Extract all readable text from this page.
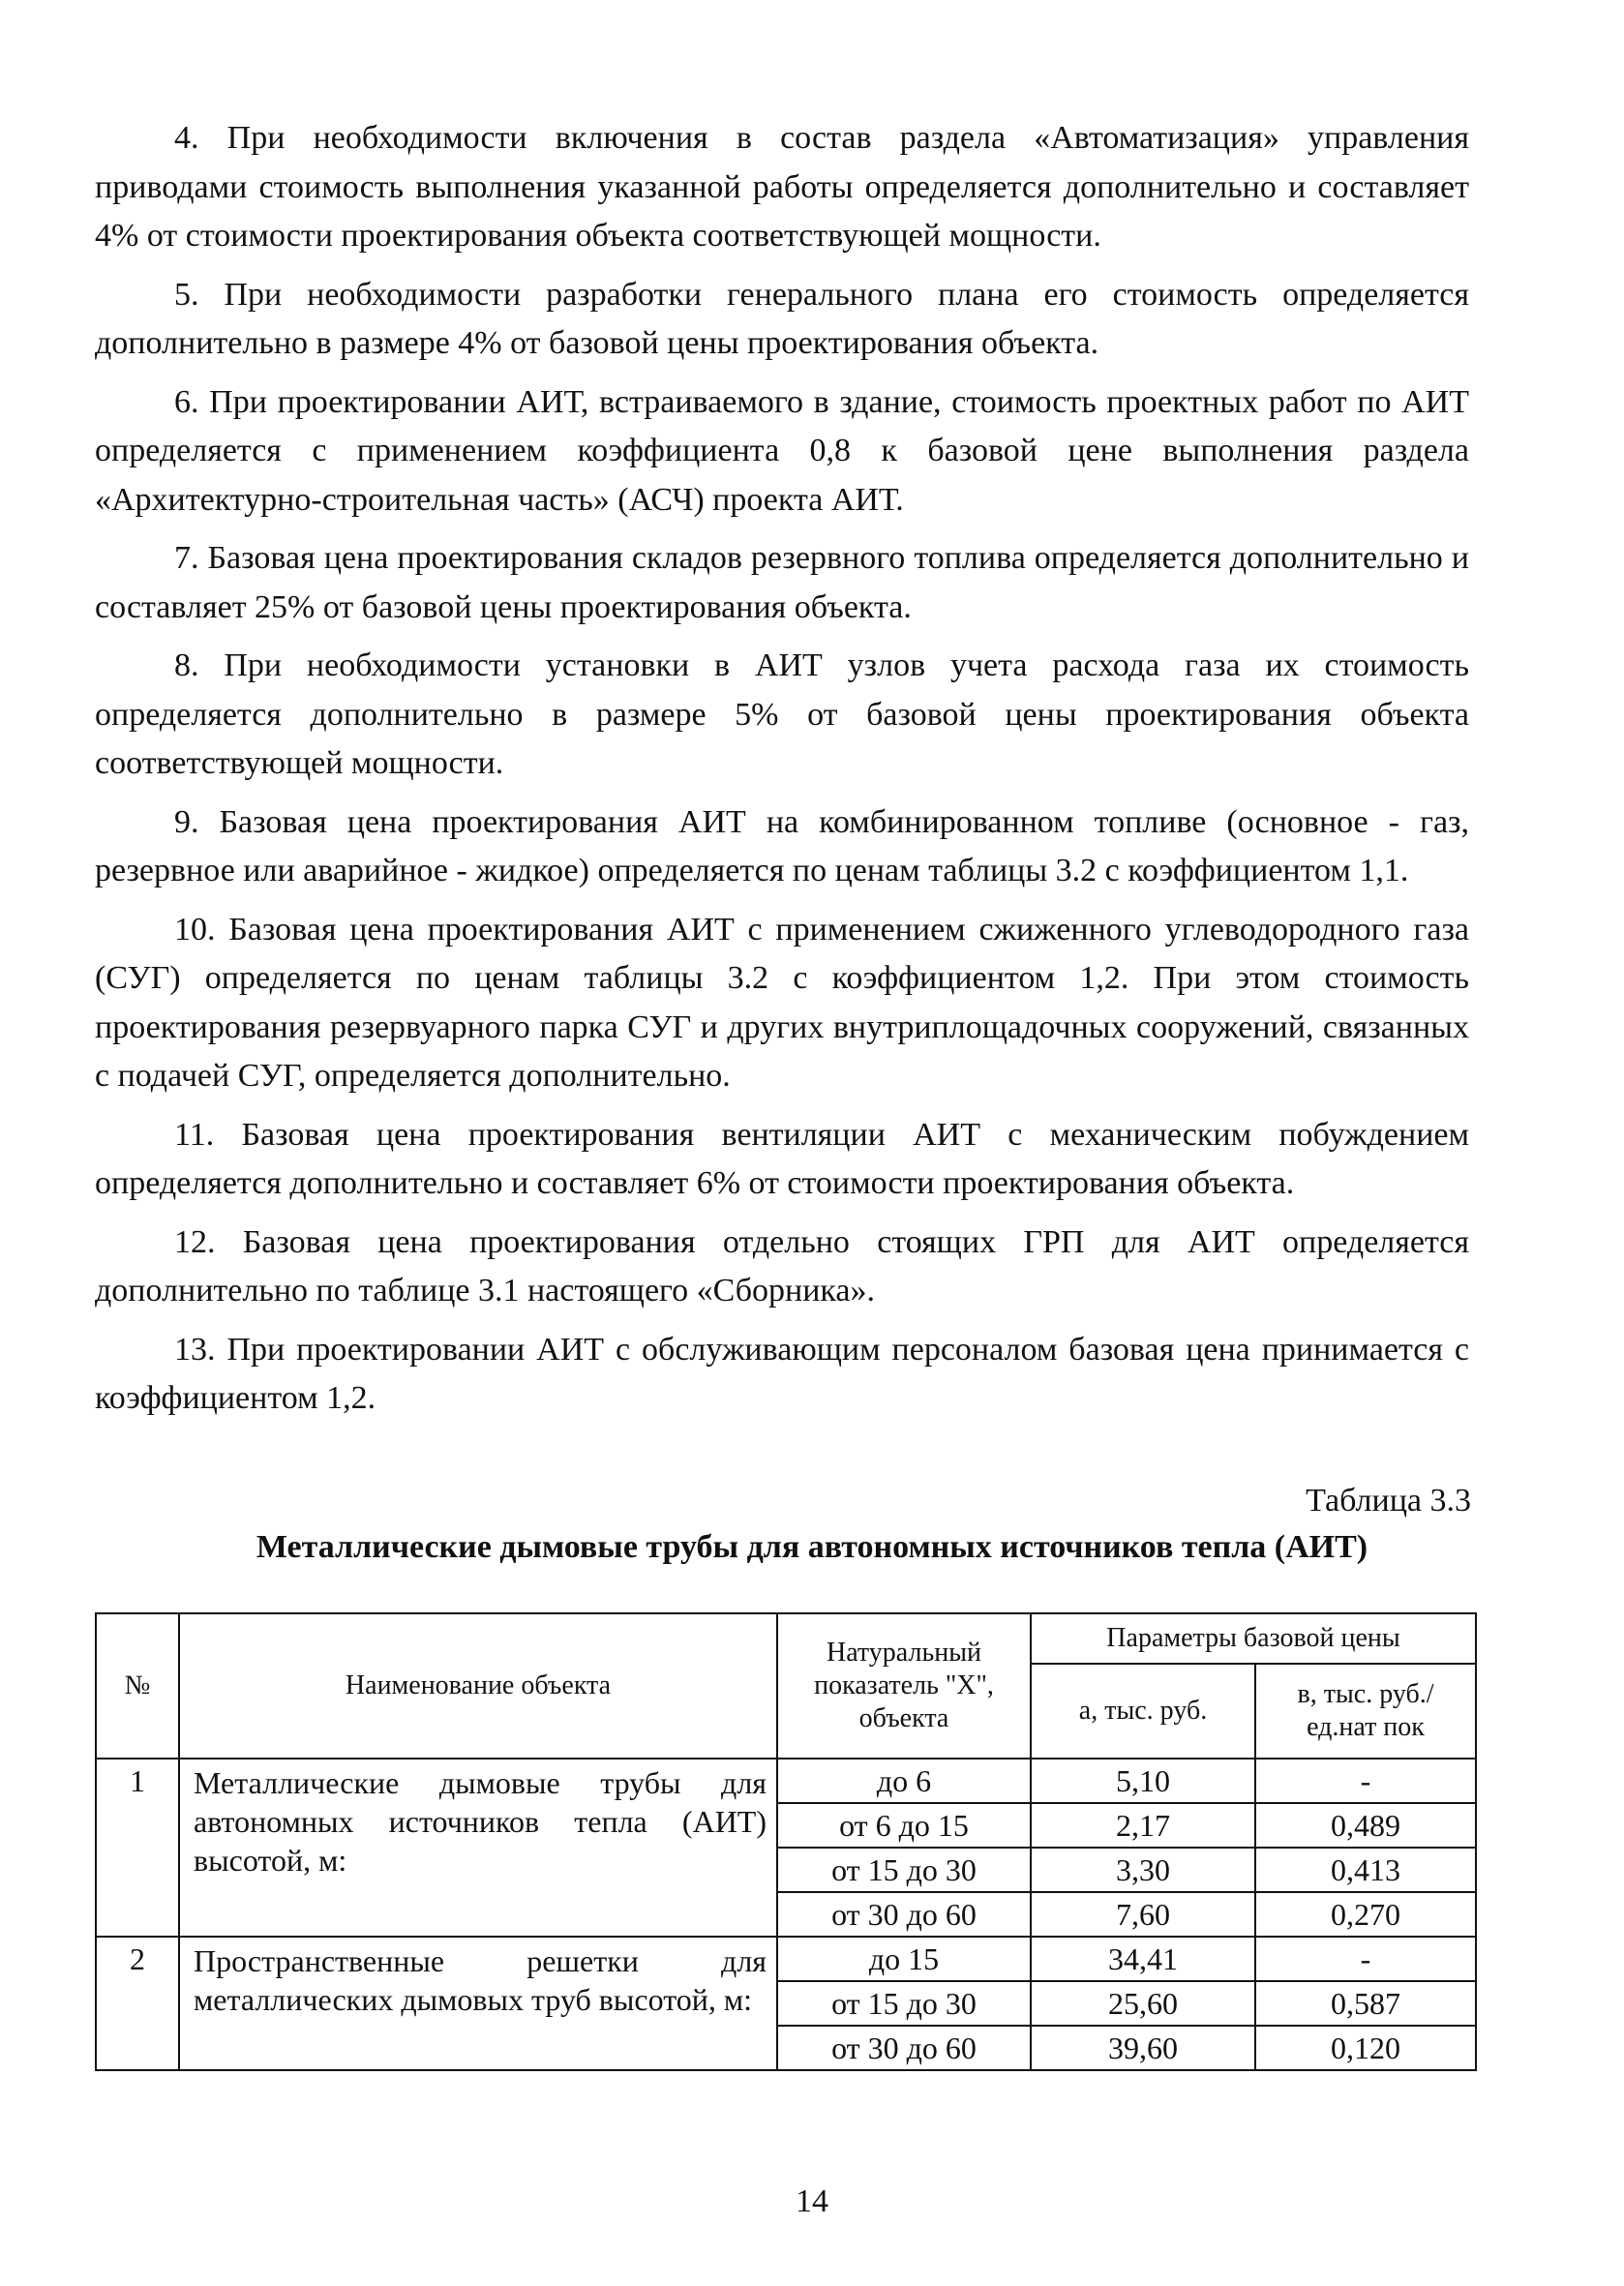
4. При необходимости включения в состав раздела «Автоматизация» управления приводами стоимость выполнения указанной работы определяется дополнительно и составляет 4% от стоимости проектирования объекта соответствующей мощности.

5. При необходимости разработки генерального плана его стоимость определяется дополнительно в размере 4% от базовой цены проектирования объекта.

6. При проектировании АИТ, встраиваемого в здание, стоимость проектных работ по АИТ определяется с применением коэффициента 0,8 к базовой цене выполнения раздела «Архитектурно-строительная часть» (АСЧ) проекта АИТ.

7. Базовая цена проектирования складов резервного топлива определяется дополнительно и составляет 25% от базовой цены проектирования объекта.

8. При необходимости установки в АИТ узлов учета расхода газа их стоимость определяется дополнительно в размере 5% от базовой цены проектирования объекта соответствующей мощности.

9. Базовая цена проектирования АИТ на комбинированном топливе (основное - газ, резервное или аварийное - жидкое) определяется по ценам таблицы 3.2 с коэффициентом 1,1.

10. Базовая цена проектирования АИТ с применением сжиженного углеводородного газа (СУГ) определяется по ценам таблицы 3.2 с коэффициентом 1,2. При этом стоимость проектирования резервуарного парка СУГ и других внутриплощадочных сооружений, связанных с подачей СУГ, определяется дополнительно.

11. Базовая цена проектирования вентиляции АИТ с механическим побуждением определяется дополнительно и составляет 6% от стоимости проектирования объекта.

12. Базовая цена проектирования отдельно стоящих ГРП для АИТ определяется дополнительно по таблице 3.1 настоящего «Сборника».

13. При проектировании АИТ с обслуживающим персоналом базовая цена принимается с коэффициентом 1,2.

Таблица 3.3
Металлические дымовые трубы для автономных источников тепла (АИТ)
№	Наименование объекта	Натуральный показатель "Х", объекта	Параметры базовой цены	
			а, тыс. руб.	в, тыс. руб./ ед.нат пок
1	Металлические дымовые трубы для автономных источников тепла (АИТ) высотой, м:	до 6	5,10	-
		от 6 до 15	2,17	0,489
		от 15 до 30	3,30	0,413
		от 30 до 60	7,60	0,270
2	Пространственные решетки для металлических дымовых труб высотой, м:	до 15	34,41	-
		от 15 до 30	25,60	0,587
		от 30 до 60	39,60	0,120
14
